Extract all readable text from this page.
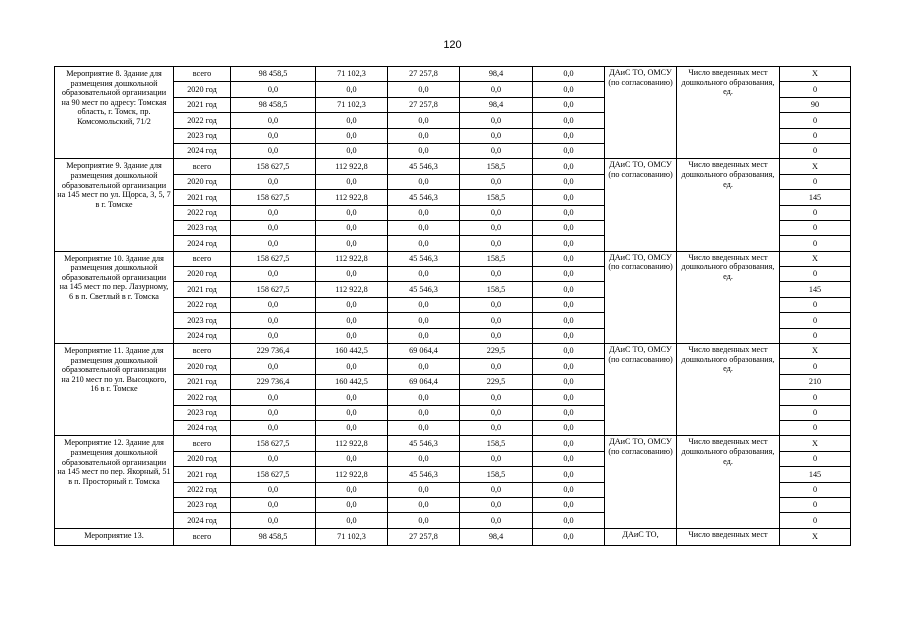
120
Мероприятие 8. Здание для размещения дошкольной образовательной организации на 90 мест по адресу: Томская область, г. Томск, пр. Комсомольский, 71/2	всего	98 458,5	71 102,3	27 257,8	98,4	0,0	ДАиС ТО, ОМСУ (по согласованию)	Число введенных мест дошкольного образования, ед.	X
	2020 год	0,0	0,0	0,0	0,0	0,0			0
	2021 год	98 458,5	71 102,3	27 257,8	98,4	0,0			90
	2022 год	0,0	0,0	0,0	0,0	0,0			0
	2023 год	0,0	0,0	0,0	0,0	0,0			0
	2024 год	0,0	0,0	0,0	0,0	0,0			0
Мероприятие 9. Здание для размещения дошкольной образовательной организации на 145 мест по ул. Щорса, 3, 5, 7 в г. Томске	всего	158 627,5	112 922,8	45 546,3	158,5	0,0	ДАиС ТО, ОМСУ (по согласованию)	Число введенных мест дошкольного образования, ед.	X
	2020 год	0,0	0,0	0,0	0,0	0,0			0
	2021 год	158 627,5	112 922,8	45 546,3	158,5	0,0			145
	2022 год	0,0	0,0	0,0	0,0	0,0			0
	2023 год	0,0	0,0	0,0	0,0	0,0			0
	2024 год	0,0	0,0	0,0	0,0	0,0			0
Мероприятие 10. Здание для размещения дошкольной образовательной организации на 145 мест по пер. Лазурному, 6 в п. Светлый в г. Томска	всего	158 627,5	112 922,8	45 546,3	158,5	0,0	ДАиС ТО, ОМСУ (по согласованию)	Число введенных мест дошкольного образования, ед.	X
	2020 год	0,0	0,0	0,0	0,0	0,0			0
	2021 год	158 627,5	112 922,8	45 546,3	158,5	0,0			145
	2022 год	0,0	0,0	0,0	0,0	0,0			0
	2023 год	0,0	0,0	0,0	0,0	0,0			0
	2024 год	0,0	0,0	0,0	0,0	0,0			0
Мероприятие 11. Здание для размещения дошкольной образовательной организации на 210 мест по ул. Высоцкого, 16 в г. Томске	всего	229 736,4	160 442,5	69 064,4	229,5	0,0	ДАиС ТО, ОМСУ (по согласованию)	Число введенных мест дошкольного образования, ед.	X
	2020 год	0,0	0,0	0,0	0,0	0,0			0
	2021 год	229 736,4	160 442,5	69 064,4	229,5	0,0			210
	2022 год	0,0	0,0	0,0	0,0	0,0			0
	2023 год	0,0	0,0	0,0	0,0	0,0			0
	2024 год	0,0	0,0	0,0	0,0	0,0			0
Мероприятие 12. Здание для размещения дошкольной образовательной организации на 145 мест по пер. Якорный, 51 в п. Просторный г. Томска	всего	158 627,5	112 922,8	45 546,3	158,5	0,0	ДАиС ТО, ОМСУ (по согласованию)	Число введенных мест дошкольного образования, ед.	X
	2020 год	0,0	0,0	0,0	0,0	0,0			0
	2021 год	158 627,5	112 922,8	45 546,3	158,5	0,0			145
	2022 год	0,0	0,0	0,0	0,0	0,0			0
	2023 год	0,0	0,0	0,0	0,0	0,0			0
	2024 год	0,0	0,0	0,0	0,0	0,0			0
Мероприятие 13.	всего	98 458,5	71 102,3	27 257,8	98,4	0,0	ДАиС ТО,	Число введенных мест	X
